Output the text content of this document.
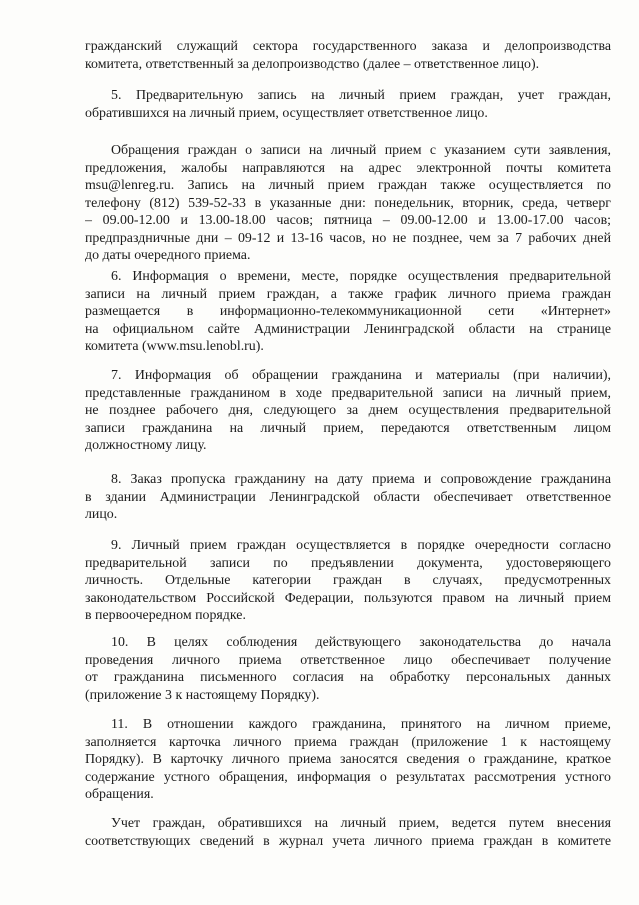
гражданский служащий сектора государственного заказа и делопроизводства
комитета, ответственный за делопроизводство (далее – ответственное лицо).
5. Предварительную запись на личный прием граждан, учет граждан,
обратившихся на личный прием, осуществляет ответственное лицо.
Обращения граждан о записи на личный прием с указанием сути заявления,
предложения, жалобы направляются на адрес электронной почты комитета
msu@lenreg.ru. Запись на личный прием граждан также осуществляется по
телефону (812) 539-52-33 в указанные дни: понедельник, вторник, среда, четверг
– 09.00-12.00 и 13.00-18.00 часов; пятница – 09.00-12.00 и 13.00-17.00 часов;
предпраздничные дни – 09-12 и 13-16 часов, но не позднее, чем за 7 рабочих дней
до даты очередного приема.
6. Информация о времени, месте, порядке осуществления предварительной
записи на личный прием граждан, а также график личного приема граждан
размещается в информационно-телекоммуникационной сети «Интернет»
на официальном сайте Администрации Ленинградской области на странице
комитета (www.msu.lenobl.ru).
7. Информация об обращении гражданина и материалы (при наличии),
представленные гражданином в ходе предварительной записи на личный прием,
не позднее рабочего дня, следующего за днем осуществления предварительной
записи гражданина на личный прием, передаются ответственным лицом
должностному лицу.
8. Заказ пропуска гражданину на дату приема и сопровождение гражданина
в здании Администрации Ленинградской области обеспечивает ответственное
лицо.
9. Личный прием граждан осуществляется в порядке очередности согласно
предварительной записи по предъявлении документа, удостоверяющего
личность. Отдельные категории граждан в случаях, предусмотренных
законодательством Российской Федерации, пользуются правом на личный прием
в первоочередном порядке.
10. В целях соблюдения действующего законодательства до начала
проведения личного приема ответственное лицо обеспечивает получение
от гражданина письменного согласия на обработку персональных данных
(приложение 3 к настоящему Порядку).
11. В отношении каждого гражданина, принятого на личном приеме,
заполняется карточка личного приема граждан (приложение 1 к настоящему
Порядку). В карточку личного приема заносятся сведения о гражданине, краткое
содержание устного обращения, информация о результатах рассмотрения устного
обращения.
Учет граждан, обратившихся на личный прием, ведется путем внесения
соответствующих сведений в журнал учета личного приема граждан в комитете
